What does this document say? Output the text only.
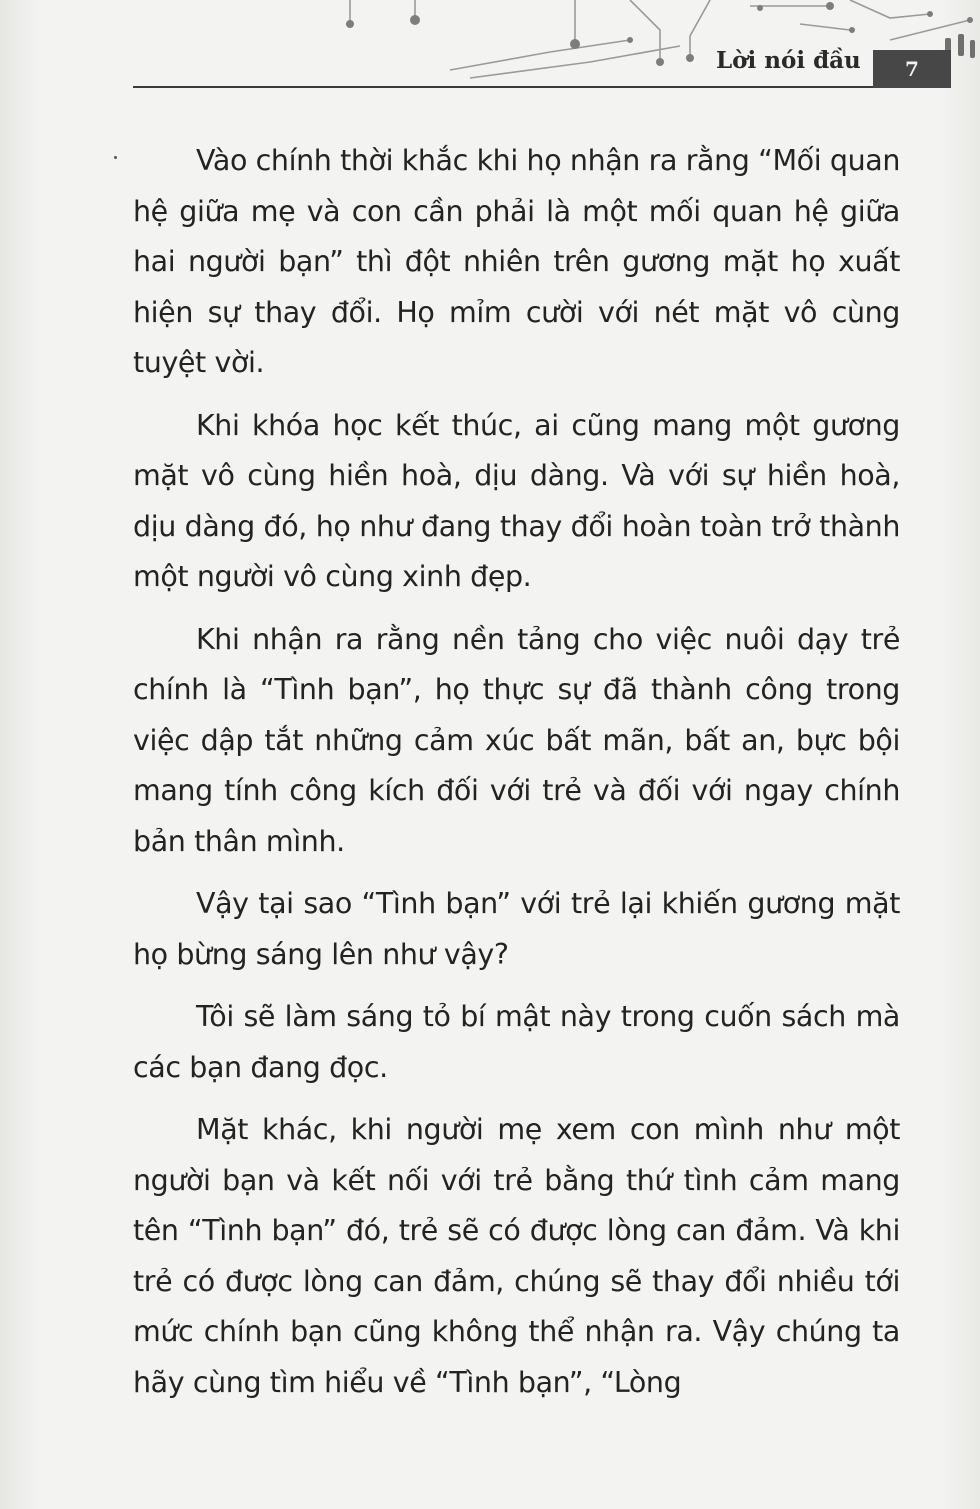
Lời nói đầu	7

Vào chính thời khắc khi họ nhận ra rằng “Mối quan hệ giữa mẹ và con cần phải là một mối quan hệ giữa hai người bạn” thì đột nhiên trên gương mặt họ xuất hiện sự thay đổi. Họ mỉm cười với nét mặt vô cùng tuyệt vời.

Khi khóa học kết thúc, ai cũng mang một gương mặt vô cùng hiền hoà, dịu dàng. Và với sự hiền hoà, dịu dàng đó, họ như đang thay đổi hoàn toàn trở thành một người vô cùng xinh đẹp.

Khi nhận ra rằng nền tảng cho việc nuôi dạy trẻ chính là “Tình bạn”, họ thực sự đã thành công trong việc dập tắt những cảm xúc bất mãn, bất an, bực bội mang tính công kích đối với trẻ và đối với ngay chính bản thân mình.

Vậy tại sao “Tình bạn” với trẻ lại khiến gương mặt họ bừng sáng lên như vậy?

Tôi sẽ làm sáng tỏ bí mật này trong cuốn sách mà các bạn đang đọc.

Mặt khác, khi người mẹ xem con mình như một người bạn và kết nối với trẻ bằng thứ tình cảm mang tên “Tình bạn” đó, trẻ sẽ có được lòng can đảm. Và khi trẻ có được lòng can đảm, chúng sẽ thay đổi nhiều tới mức chính bạn cũng không thể nhận ra. Vậy chúng ta hãy cùng tìm hiểu về “Tình bạn”, “Lòng
